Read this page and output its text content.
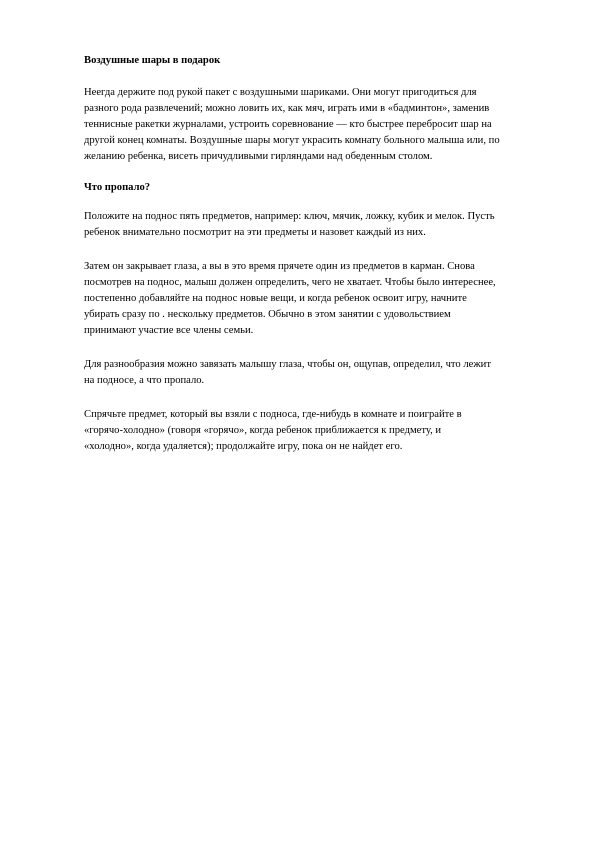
Воздушные шары в подарок
Неегда держите под рукой пакет с воздушными шариками. Они могут пригодиться для
разного рода развлечений; можно ловить их, как мяч, играть ими в «бадминтон», заменив
теннисные ракетки журналами, устроить соревнование — кто быстрее перебросит шар на
другой конец комнаты. Воздушные шары могут украсить комнату больного малыша или, по
желанию ребенка, висеть причудливыми гирляндами над обеденным столом.
Что пропало?
Положите на поднос пять предметов, например: ключ, мячик, ложку, кубик и мелок. Пусть
ребенок внимательно посмотрит на эти предметы и назовет каждый из них.
Затем он закрывает глаза, а вы в это время прячете один из предметов в карман. Снова
посмотрев на поднос, малыш должен определить, чего не хватает. Чтобы было интереснее,
постепенно добавляйте на поднос новые вещи, и когда ребенок освоит игру, начните
убирать сразу по . нескольку предметов. Обычно в этом занятии с удовольствием
принимают участие все члены семьи.
Для разнообразия можно завязать малышу глаза, чтобы он, ощупав, определил, что лежит
на подносе, а что пропало.
Спрячьте предмет, который вы взяли с подноса, где-нибудь в комнате и поиграйте в
«горячо-холодно» (говоря «горячо», когда ребенок приближается к предмету, и
«холодно», когда удаляется); продолжайте игру, пока он не найдет его.
